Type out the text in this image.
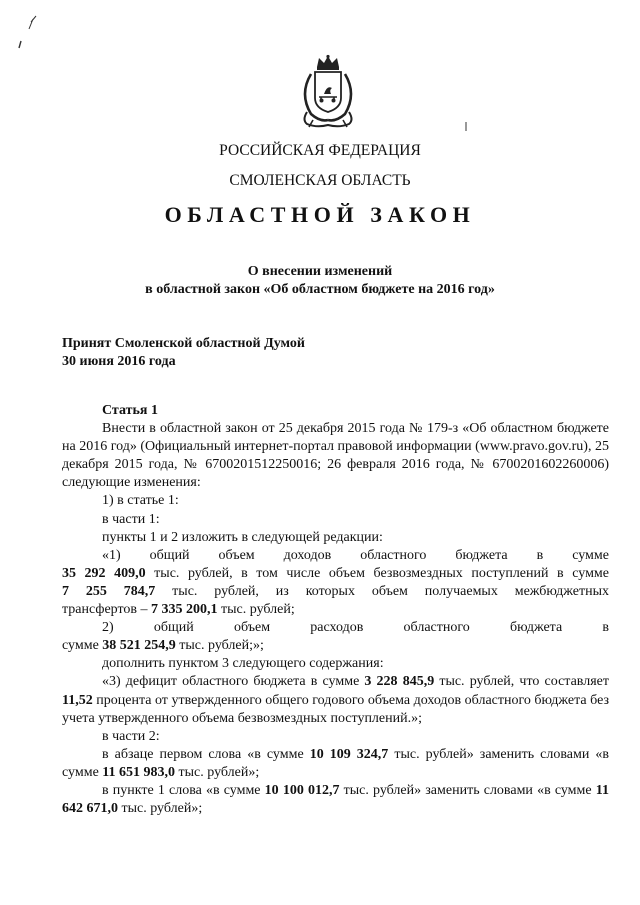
РОССИЙСКАЯ ФЕДЕРАЦИЯ
СМОЛЕНСКАЯ ОБЛАСТЬ
ОБЛАСТНОЙ ЗАКОН
О внесении изменений
в областной закон «Об областном бюджете на 2016 год»
Принят Смоленской областной Думой
30 июня 2016 года

Статья 1

Внести в областной закон от 25 декабря 2015 года № 179-з «Об областном бюджете на 2016 год» (Официальный интернет-портал правовой информации (www.pravo.gov.ru), 25 декабря 2015 года, № 6700201512250016; 26 февраля 2016 года, № 6700201602260006) следующие изменения:

1) в статье 1:

в части 1:

пункты 1 и 2 изложить в следующей редакции:

«1) общий объем доходов областного бюджета в сумме

35 292 409,0 тыс. рублей, в том числе объем безвозмездных поступлений в сумме

7 255 784,7 тыс. рублей, из которых объем получаемых межбюджетных

трансфертов – 7 335 200,1 тыс. рублей;

2) общий объем расходов областного бюджета в

сумме 38 521 254,9 тыс. рублей;»;

дополнить пунктом 3 следующего содержания:

«3) дефицит областного бюджета в сумме 3 228 845,9 тыс. рублей, что составляет 11,52 процента от утвержденного общего годового объема доходов областного бюджета без учета утвержденного объема безвозмездных поступлений.»;

в части 2:

в абзаце первом слова «в сумме 10 109 324,7 тыс. рублей» заменить словами «в сумме 11 651 983,0 тыс. рублей»;

в пункте 1 слова «в сумме 10 100 012,7 тыс. рублей» заменить словами «в сумме 11 642 671,0 тыс. рублей»;
